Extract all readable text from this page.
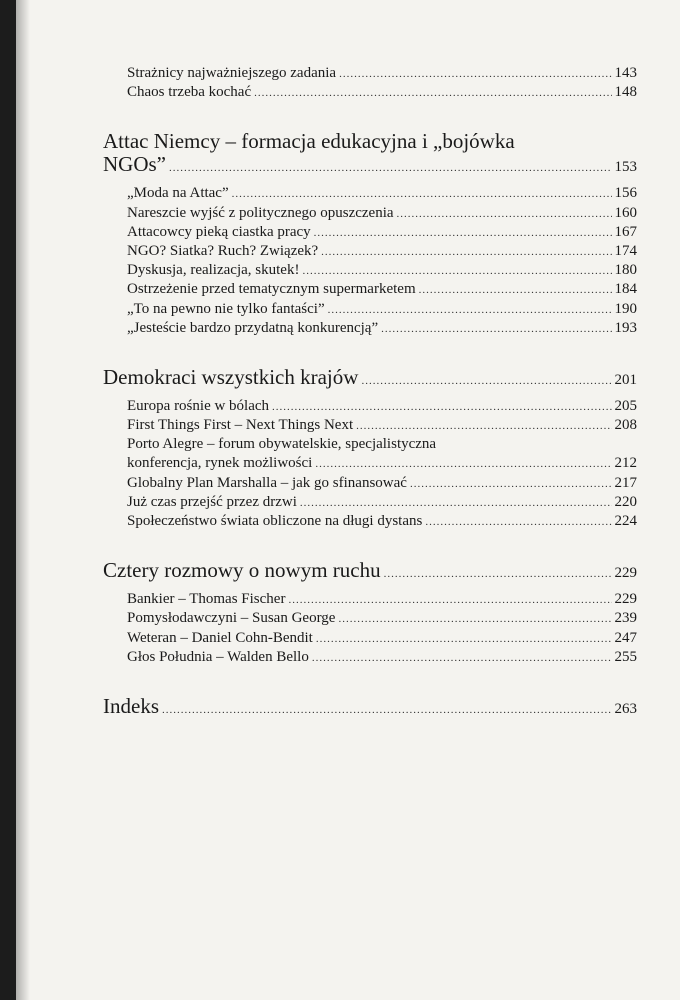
Strażnicy najważniejszego zadania .....	143
Chaos trzeba kochać .....	148
Attac Niemcy – formacja edukacyjna i „bojówka
NGOs” .....	153
„Moda na Attac” .....	156
Nareszcie wyjść z politycznego opuszczenia .....	160
Attacowcy pieką ciastka pracy .....	167
NGO? Siatka? Ruch? Związek? .....	174
Dyskusja, realizacja, skutek! .....	180
Ostrzeżenie przed tematycznym supermarketem .....	184
„To na pewno nie tylko fantaści” .....	190
„Jesteście bardzo przydatną konkurencją” .....	193
Demokraci wszystkich krajów .....	201
Europa rośnie w bólach .....	205
First Things First – Next Things Next .....	208
Porto Alegre – forum obywatelskie, specjalistyczna
konferencja, rynek możliwości .....	212
Globalny Plan Marshalla – jak go sfinansować .....	217
Już czas przejść przez drzwi .....	220
Społeczeństwo świata obliczone na długi dystans .....	224
Cztery rozmowy o nowym ruchu .....	229
Bankier – Thomas Fischer .....	229
Pomysłodawczyni – Susan George .....	239
Weteran – Daniel Cohn-Bendit .....	247
Głos Południa – Walden Bello .....	255
Indeks .....	263
